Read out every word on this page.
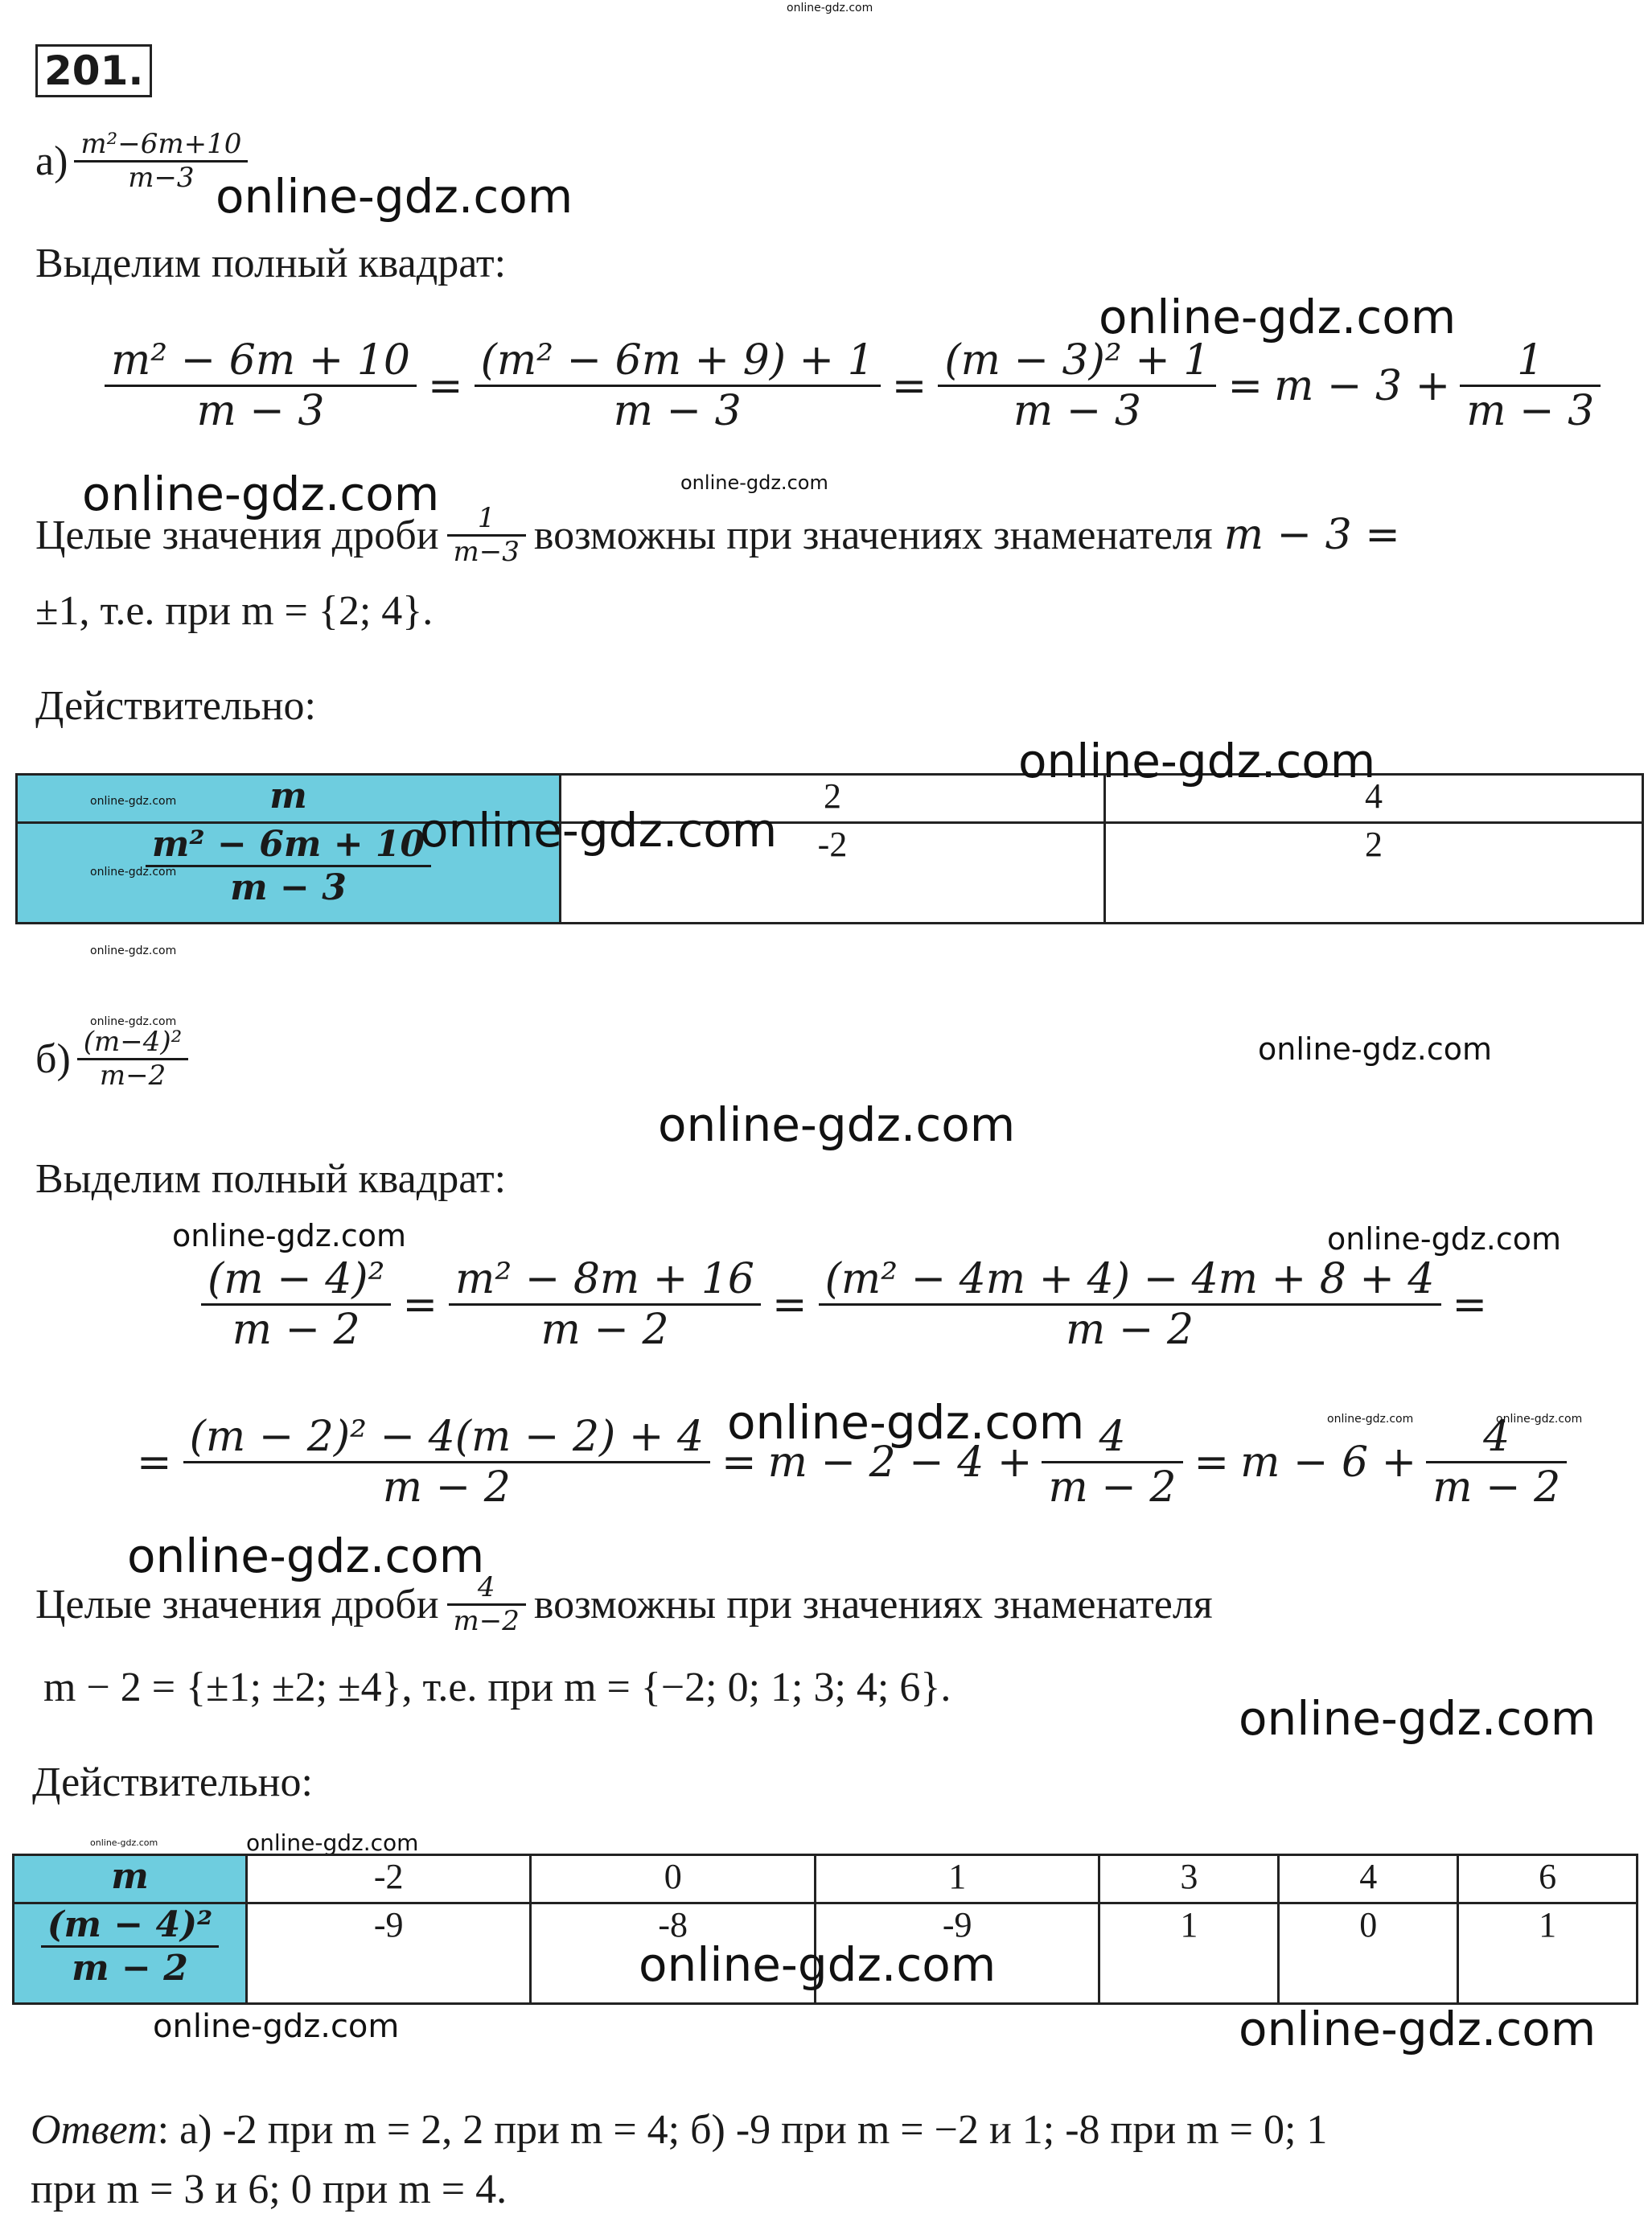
online-gdz.com
201.
$а) \frac{\text{m²−6m+10}}{m-3}$
online-gdz.com
Выделим полный квадрат:
online-gdz.com
$\frac{\text{m² − 6m + 10}}{m - 3} = \frac{\text{(m² − 6m + 9) + 1}}{m - 3} = \frac{\text{(m − 3)² + 1}}{m - 3} = m - 3 + \frac{1}{m - 3}$
online-gdz.com
online-gdz.com
Целые значения дроби $\frac{1}{m-3}$ возможны при значениях знаменателя m − 3 =
±1, т.е. при m = {2; 4}.
Действительно:
m	2	4

$\frac{\text{m² − 6m + 10}}{m - 3}$	-2	2
online-gdz.com
online-gdz.com
online-gdz.com
online-gdz.com
online-gdz.com
online-gdz.com
$б) \frac{\text{(m−4)²}}{m-2}$	online-gdz.com
online-gdz.com
Выделим полный квадрат:
online-gdz.com	online-gdz.com
$\frac{\text{(m − 4)²}}{m - 2} = \frac{\text{m² − 8m + 16}}{m - 2} = \frac{\text{(m² − 4m + 4) − 4m + 8 + 4}}{m - 2}$ =
= $\frac{\text{(m − 2)² − 4(m − 2) + 4}}{m - 2} = m - 2 - 4 + \frac{4}{m - 2} = m - 6 + \frac{4}{m - 2}$
online-gdz.com	online-gdz.com	online-gdz.com
online-gdz.com
Целые значения дроби $\frac{4}{m-2}$ возможны при значениях знаменателя
m − 2 = {±1; ±2; ±4}, т.е. при m = {−2; 0; 1; 3; 4; 6}.
online-gdz.com
Действительно:
online-gdz.com	online-gdz.com
m	-2	0	1	3	4	6

$\frac{\text{(m − 4)²}}{m - 2}$	-9	-8	-9	1	0	1
online-gdz.com
online-gdz.com	online-gdz.com
Ответ: а) -2 при m = 2, 2 при m = 4; б) -9 при m = −2 и 1; -8 при m = 0; 1
при m = 3 и 6; 0 при m = 4.
